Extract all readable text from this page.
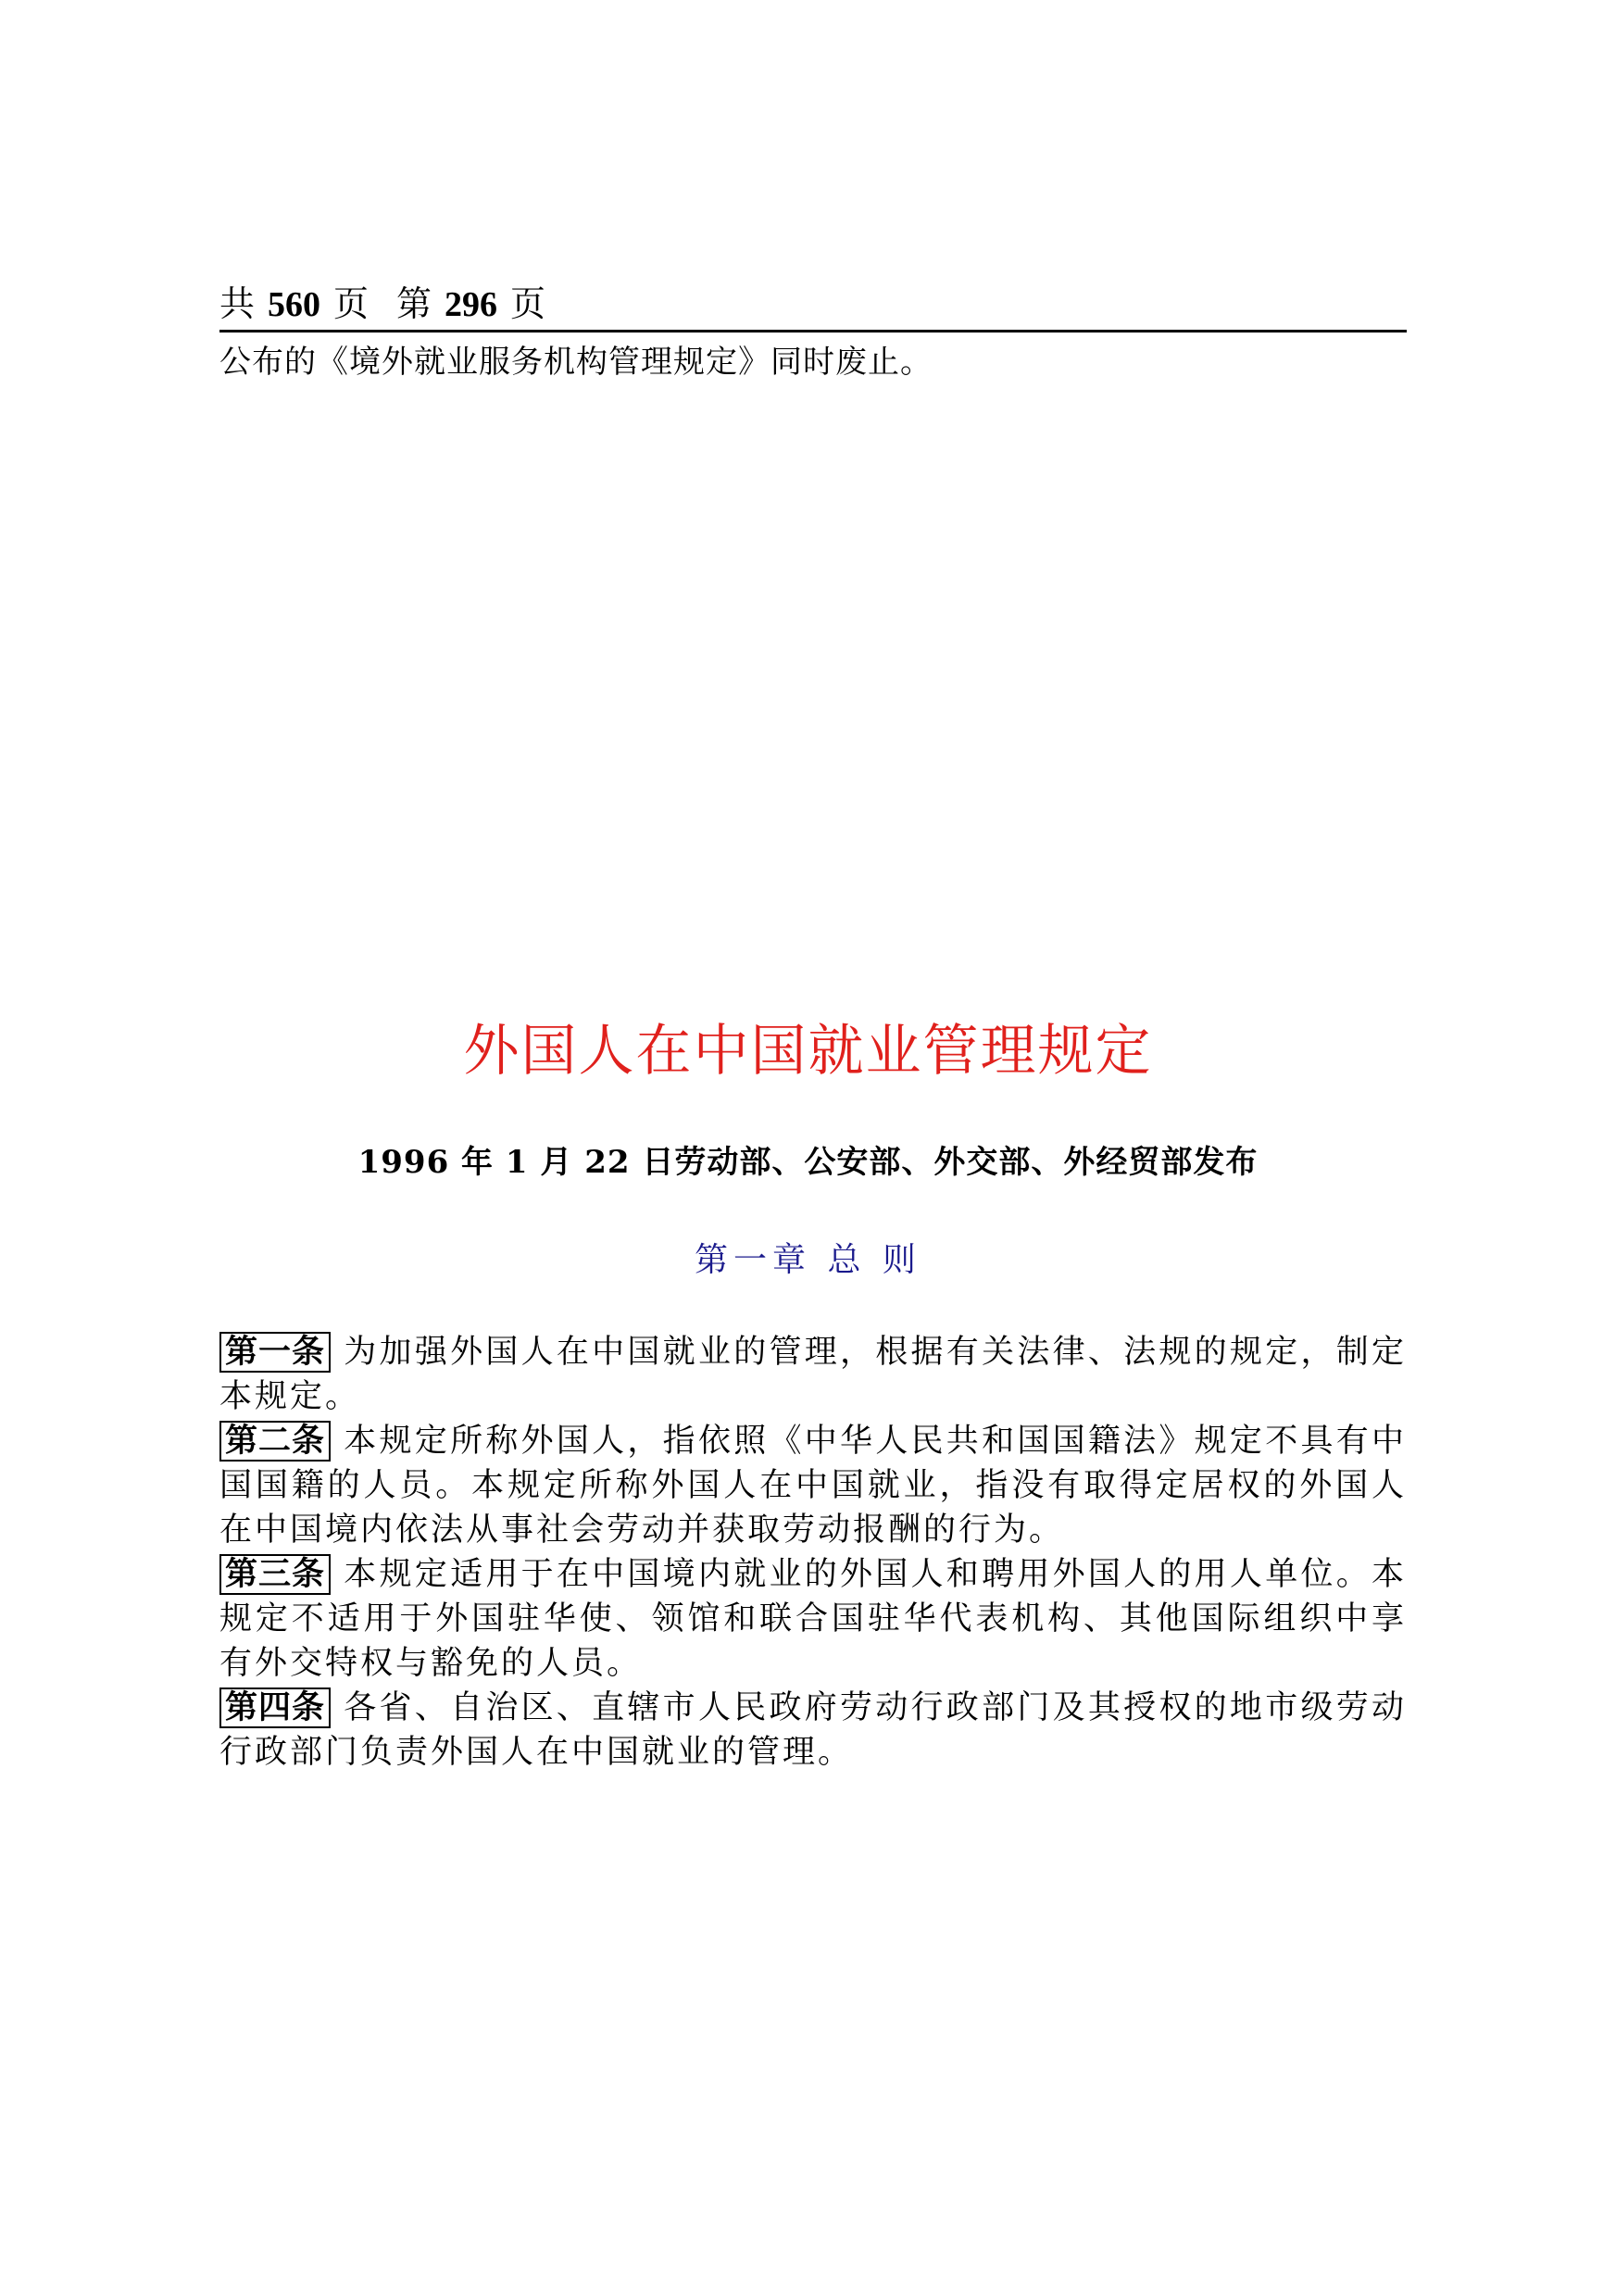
共 560 页 第 296 页
公布的《境外就业服务机构管理规定》同时废止。
外国人在中国就业管理规定
1996 年 1 月 22 日劳动部、公安部、外交部、外经贸部发布
第一章 总 则
第一条 为加强外国人在中国就业的管理，根据有关法律、法规的规定，制定本规定。
第二条 本规定所称外国人，指依照《中华人民共和国国籍法》规定不具有中国国籍的人员。本规定所称外国人在中国就业，指没有取得定居权的外国人在中国境内依法从事社会劳动并获取劳动报酬的行为。
第三条 本规定适用于在中国境内就业的外国人和聘用外国人的用人单位。本规定不适用于外国驻华使、领馆和联合国驻华代表机构、其他国际组织中享有外交特权与豁免的人员。
第四条 各省、自治区、直辖市人民政府劳动行政部门及其授权的地市级劳动行政部门负责外国人在中国就业的管理。
